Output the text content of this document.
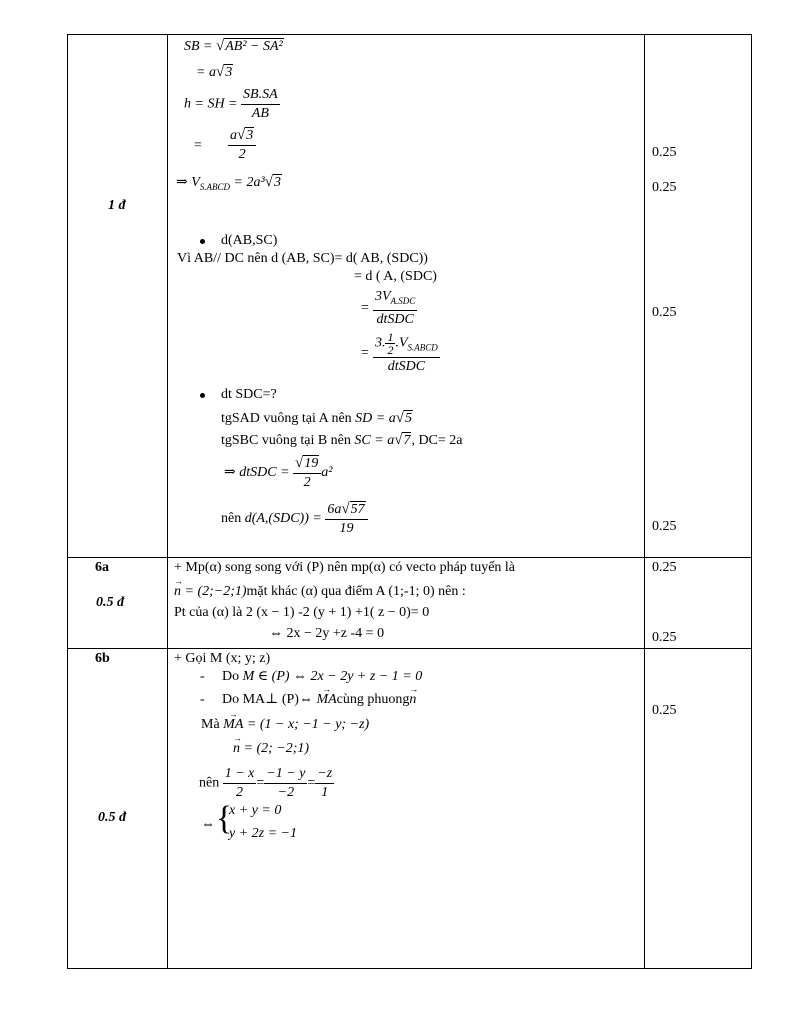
1 đ
SB = √AB² − SA²
= a√3
h = SH = $\frac{SB.SA}{AB}$
= $\frac{a√3}{2}$
⇒ $V_{S.ABCD} = 2a^3√3$
d(AB,SC)
Vì AB// DC nên d (AB, SC)= d( AB, (SDC))
= d ( A, (SDC)
= $\frac{3V_{A.SDC}}{\text{dtSDC}}$
= $\frac{3. \frac{1}{2} .V_{S.ABCD}}{\text{dtSDC}}$
dt SDC=?
tgSAD vuông tại A nên SD = a√5
tgSBC vuông tại B nên SC = a√7, DC= 2a
⇒ dtSDC = $\frac{√19}{2} a^2$
nên $d(A,(SDC)) = \frac{6a√57}{19}$
0.25
0.25
0.25
0.25
6a
0.5 đ
+ Mp(α) song song với (P) nên mp(α) có vecto pháp tuyến là
→ n = (2;−2;1)mặt khác (α) qua điểm A (1;-1; 0) nên :
Pt của (α) là 2 (x − 1) -2 (y + 1) +1( z − 0)= 0
⇔ 2x − 2y +z -4 = 0
0.25
0.25
6b
0.5 đ
+ Gọi M (x; y; z)
- Do M ∈ (P) ⇔ 2x − 2y + z − 1 = 0
- Do MA⊥ (P)⇔ → MAcùng phuong→ n
Mà → MA = (1 − x; −1 − y; −z)
→ n = (2; −2;1)
nên $\frac{1 - x}{2} = \frac{-1 - y}{-2} = \frac{-z}{1}$
⇔ {
x + y = 0
y + 2z = −1
0.25
